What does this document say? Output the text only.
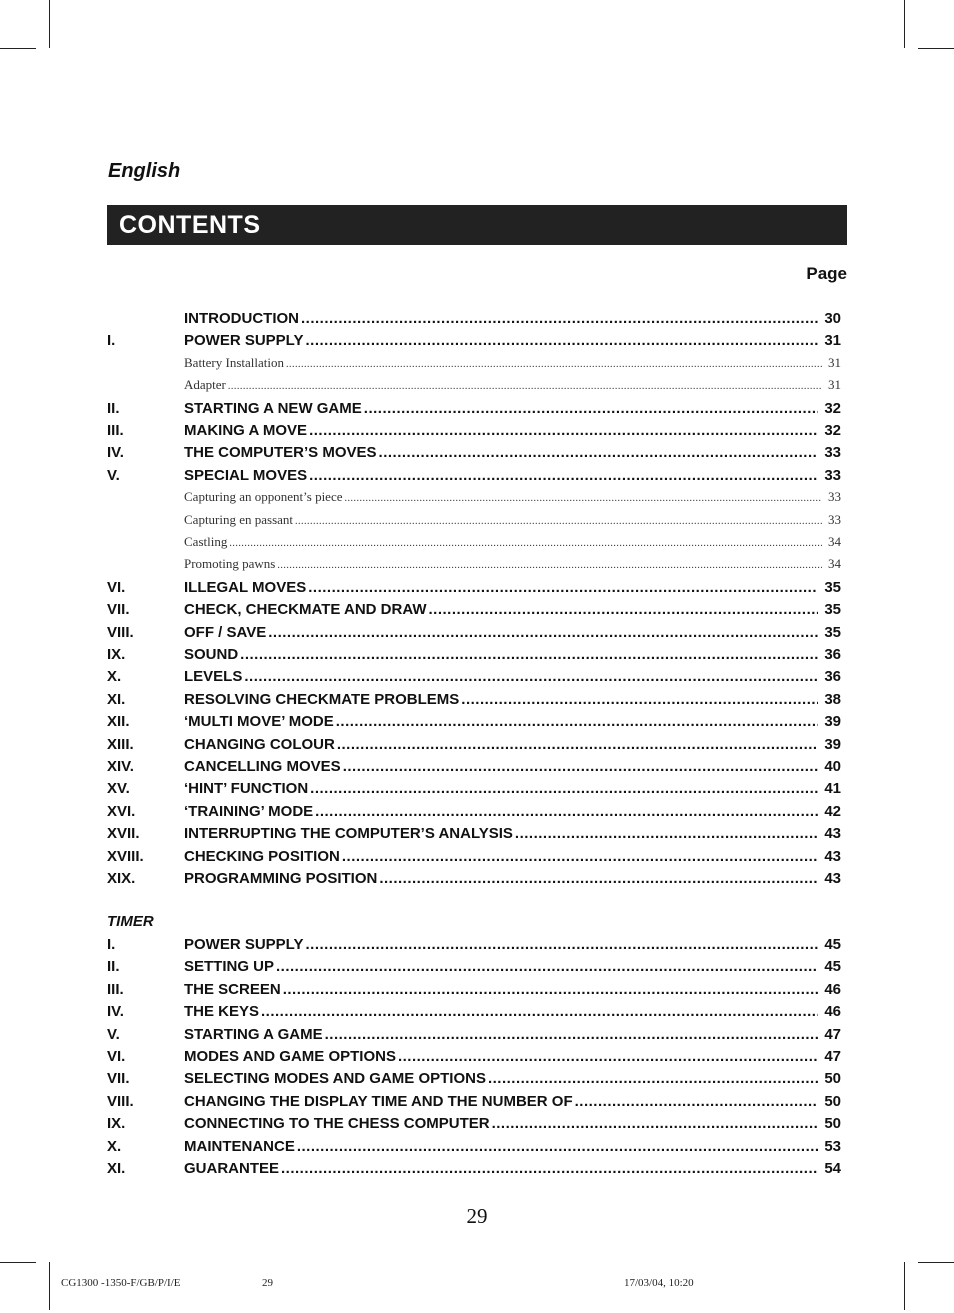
English
CONTENTS
Page
INTRODUCTION .....	30
I.	POWER SUPPLY .....	31
Battery Installation .....	31
Adapter .....	31
II.	STARTING A NEW GAME .....	32
III.	MAKING A MOVE .....	32
IV.	THE COMPUTER’S MOVES .....	33
V.	SPECIAL MOVES .....	33
Capturing an opponent’s piece .....	33
Capturing en passant .....	33
Castling .....	34
Promoting pawns .....	34
VI.	ILLEGAL MOVES .....	35
VII.	CHECK, CHECKMATE AND DRAW .....	35
VIII.	OFF / SAVE .....	35
IX.	SOUND .....	36
X.	LEVELS .....	36
XI.	RESOLVING CHECKMATE PROBLEMS .....	38
XII.	‘MULTI MOVE’ MODE .....	39
XIII.	CHANGING COLOUR .....	39
XIV.	CANCELLING MOVES .....	40
XV.	‘HINT’ FUNCTION .....	41
XVI.	‘TRAINING’ MODE .....	42
XVII.	INTERRUPTING THE COMPUTER’S ANALYSIS .....	43
XVIII.	CHECKING POSITION .....	43
XIX.	PROGRAMMING POSITION .....	43
TIMER
I.	POWER SUPPLY .....	45
II.	SETTING UP .....	45
III.	THE SCREEN .....	46
IV.	THE KEYS .....	46
V.	STARTING A GAME .....	47
VI.	MODES AND GAME OPTIONS .....	47
VII.	SELECTING MODES AND GAME OPTIONS .....	50
VIII.	CHANGING THE DISPLAY TIME AND THE NUMBER OF .....	50
IX.	CONNECTING TO THE CHESS COMPUTER .....	50
X.	MAINTENANCE .....	53
XI.	GUARANTEE .....	54
29
CG1300 -1350-F/GB/P/I/E	29	17/03/04, 10:20
